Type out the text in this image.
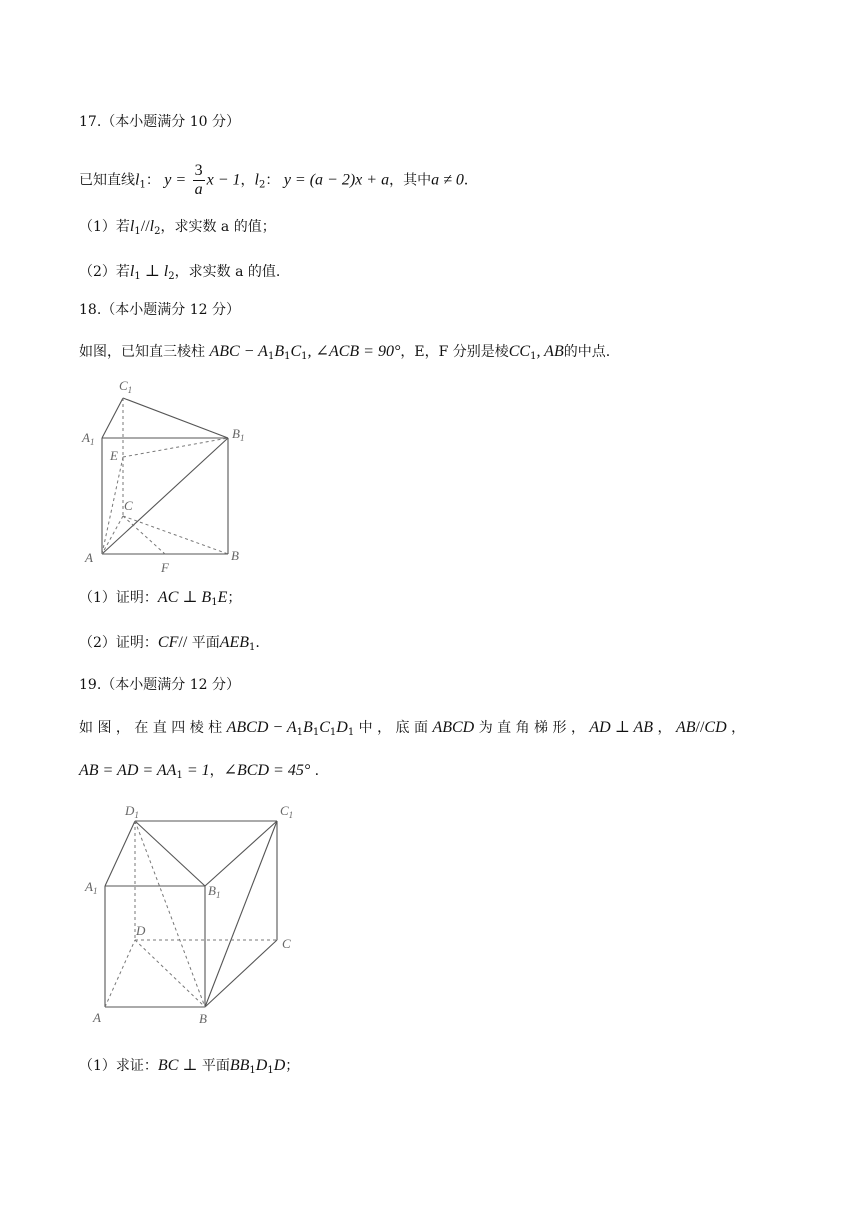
17.（本小题满分 10 分）
已知直线$l_1$： $y = \frac{3}{a}$ x − 1，$l_2$： y = (a − 2)x + a，其中a ≠ 0．
（1）若$l_1//l_2$，求实数 a 的值；
（2）若$l_1$ ⊥ $l_2$，求实数 a 的值.
18.（本小题满分 12 分）
如图，已知直三棱柱 ABC − $A_1B_1C_1$, ∠ACB = 90°，E，F 分别是棱$CC_1$, AB的中点.
$C_1$
$A_1$
$B_1$
E
C
A	B
F
（1）证明：AC ⊥ $B_1E$；
（2）证明：CF// 平面$AEB_1$.
19.（本小题满分 12 分）
如 图 ， 在 直 四 棱 柱 ABCD − $A_1B_1C_1D_1$ 中 ， 底 面 ABCD 为 直 角 梯 形 ， AD ⊥ AB ， AB//CD ，
AB = AD = $AA_1 = 1$，∠BCD = 45° .
$D_1$	$C_1$
$A_1$	$B_1$
D
C
A	B
（1）求证：BC ⊥ 平面$BB_1D_1D$；
